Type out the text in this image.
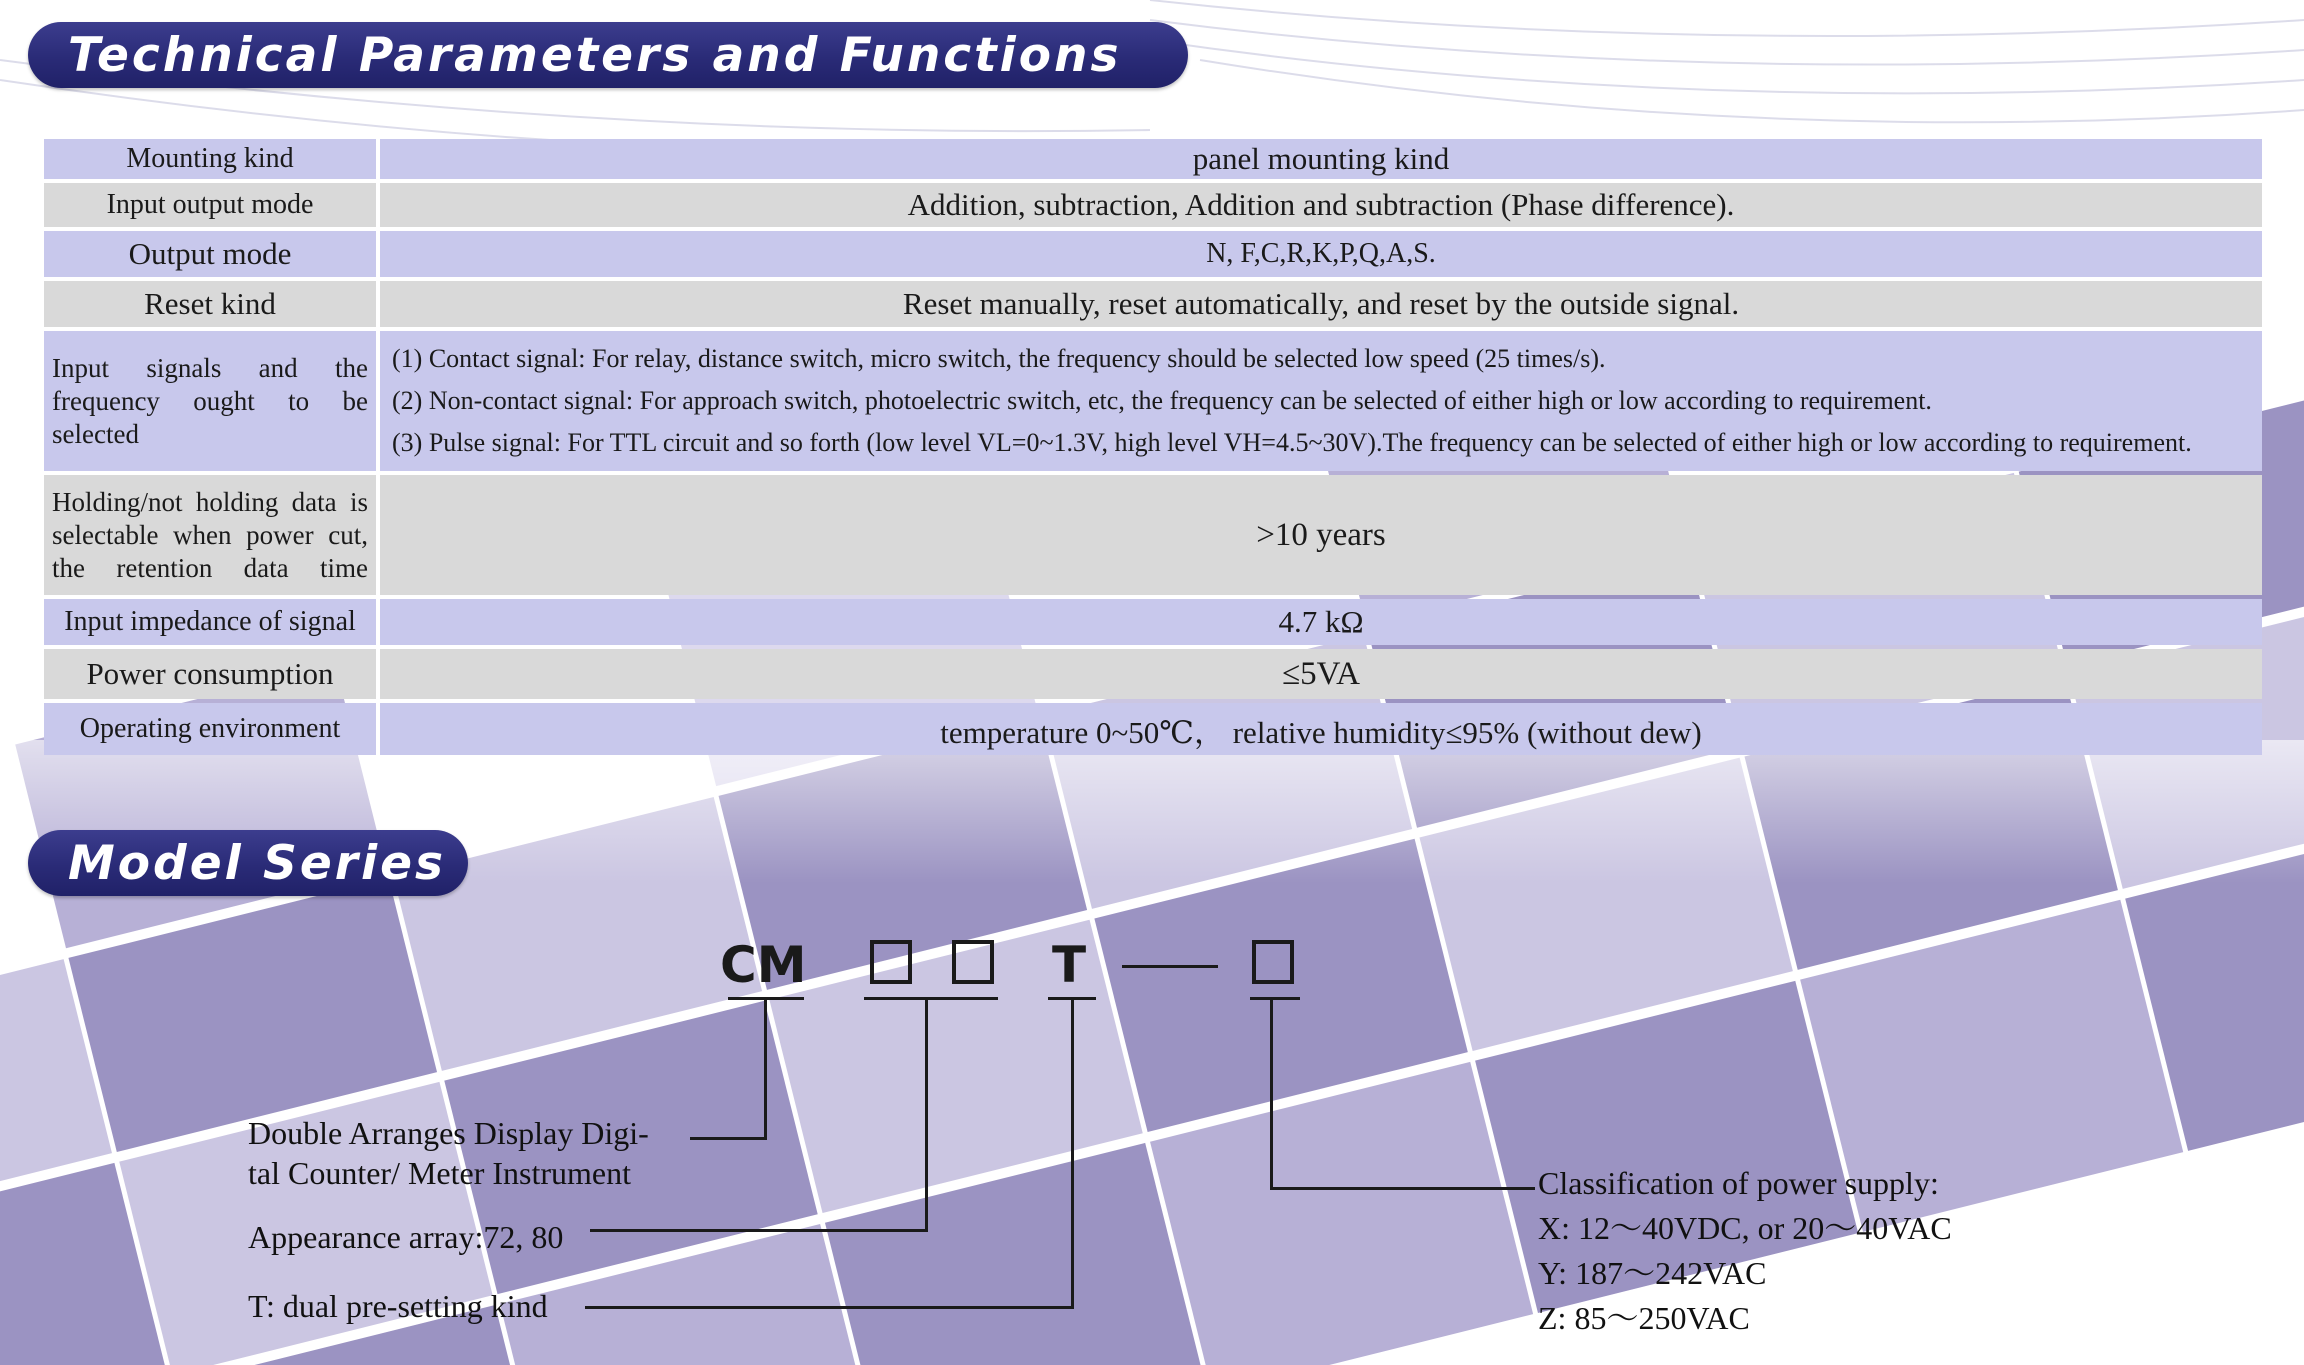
Technical Parameters and Functions
Mounting kind	panel mounting kind
Input output mode	Addition, subtraction, Addition and subtraction (Phase difference).
Output mode	N, F,C,R,K,P,Q,A,S.
Reset kind	Reset manually, reset automatically, and reset by the outside signal.
Input signals and the frequency ought to be selected	(1) Contact signal: For relay, distance switch, micro switch, the frequency should be selected low speed (25 times/s).
(2) Non-contact signal: For approach switch, photoelectric switch, etc, the frequency can be selected of either high or low according to requirement.
(3) Pulse signal: For TTL circuit and so forth (low level VL=0~1.3V, high level VH=4.5~30V).The frequency can be selected of either high or low according to requirement.

Holding/not holding data is selectable when power cut, the retention data time	>10 years
Input impedance of signal	4.7 kΩ
Power consumption	≤5VA
Operating environment	temperature 0~50℃， relative humidity≤95% (without dew)
Model Series
CM	T
Double Arranges Display Digi-
tal Counter/ Meter Instrument
Appearance array:72, 80
T: dual pre-setting kind
Classification of power supply:
X: 12～40VDC, or 20～40VAC
Y: 187～242VAC
Z: 85～250VAC
